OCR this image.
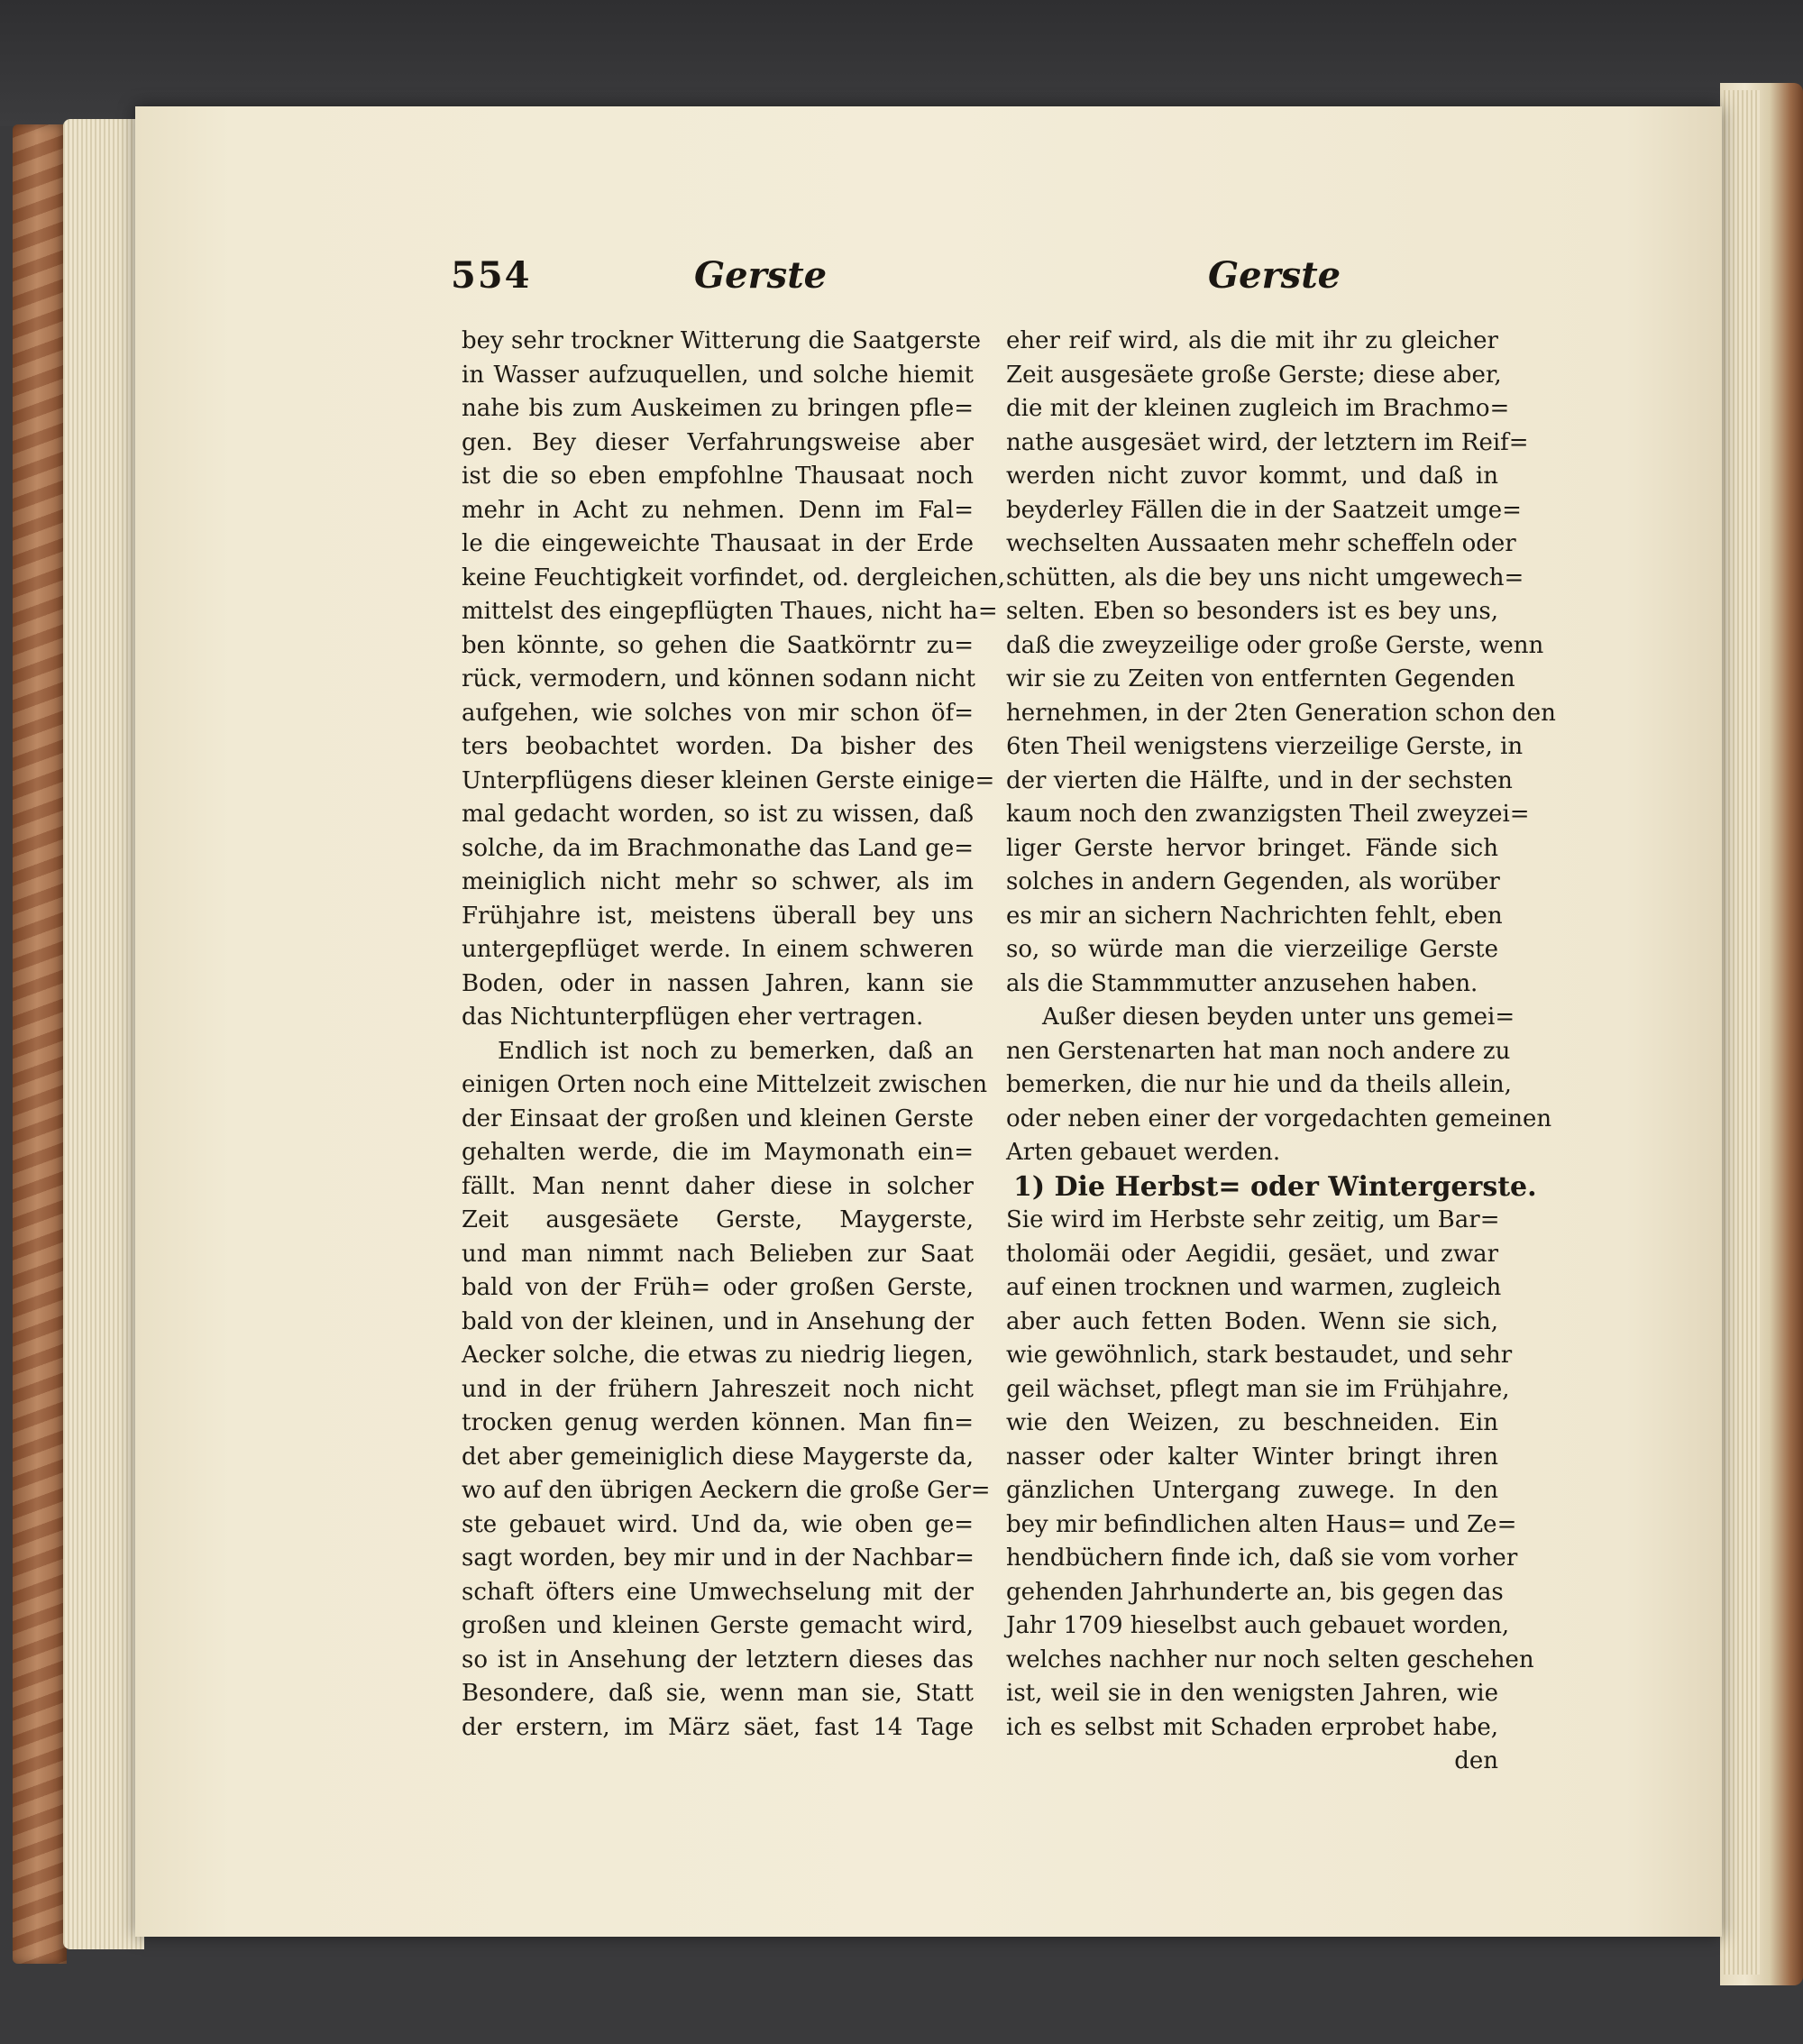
554	Gerste	Gerste
bey sehr trockner Witterung die Saatgerste
in Wasser aufzuquellen, und solche hiemit
nahe bis zum Auskeimen zu bringen pfle=
gen. Bey dieser Verfahrungsweise aber
ist die so eben empfohlne Thausaat noch
mehr in Acht zu nehmen. Denn im Fal=
le die eingeweichte Thausaat in der Erde
keine Feuchtigkeit vorfindet, od. dergleichen,
mittelst des eingepflügten Thaues, nicht ha=
ben könnte, so gehen die Saatkörntr zu=
rück, vermodern, und können sodann nicht
aufgehen, wie solches von mir schon öf=
ters beobachtet worden. Da bisher des
Unterpflügens dieser kleinen Gerste einige=
mal gedacht worden, so ist zu wissen, daß
solche, da im Brachmonathe das Land ge=
meiniglich nicht mehr so schwer, als im
Frühjahre ist, meistens überall bey uns
untergepflüget werde. In einem schweren
Boden, oder in nassen Jahren, kann sie
das Nichtunterpflügen eher vertragen.
Endlich ist noch zu bemerken, daß an
einigen Orten noch eine Mittelzeit zwischen
der Einsaat der großen und kleinen Gerste
gehalten werde, die im Maymonath ein=
fällt. Man nennt daher diese in solcher
Zeit ausgesäete Gerste, Maygerste,
und man nimmt nach Belieben zur Saat
bald von der Früh= oder großen Gerste,
bald von der kleinen, und in Ansehung der
Aecker solche, die etwas zu niedrig liegen,
und in der frühern Jahreszeit noch nicht
trocken genug werden können. Man fin=
det aber gemeiniglich diese Maygerste da,
wo auf den übrigen Aeckern die große Ger=
ste gebauet wird. Und da, wie oben ge=
sagt worden, bey mir und in der Nachbar=
schaft öfters eine Umwechselung mit der
großen und kleinen Gerste gemacht wird,
so ist in Ansehung der letztern dieses das
Besondere, daß sie, wenn man sie, Statt
der erstern, im März säet, fast 14 Tage
eher reif wird, als die mit ihr zu gleicher
Zeit ausgesäete große Gerste; diese aber,
die mit der kleinen zugleich im Brachmo=
nathe ausgesäet wird, der letztern im Reif=
werden nicht zuvor kommt, und daß in
beyderley Fällen die in der Saatzeit umge=
wechselten Aussaaten mehr scheffeln oder
schütten, als die bey uns nicht umgewech=
selten. Eben so besonders ist es bey uns,
daß die zweyzeilige oder große Gerste, wenn
wir sie zu Zeiten von entfernten Gegenden
hernehmen, in der 2ten Generation schon den
6ten Theil wenigstens vierzeilige Gerste, in
der vierten die Hälfte, und in der sechsten
kaum noch den zwanzigsten Theil zweyzei=
liger Gerste hervor bringet. Fände sich
solches in andern Gegenden, als worüber
es mir an sichern Nachrichten fehlt, eben
so, so würde man die vierzeilige Gerste
als die Stammmutter anzusehen haben.
Außer diesen beyden unter uns gemei=
nen Gerstenarten hat man noch andere zu
bemerken, die nur hie und da theils allein,
oder neben einer der vorgedachten gemeinen
Arten gebauet werden.
1) Die Herbst= oder Wintergerste.
Sie wird im Herbste sehr zeitig, um Bar=
tholomäi oder Aegidii, gesäet, und zwar
auf einen trocknen und warmen, zugleich
aber auch fetten Boden. Wenn sie sich,
wie gewöhnlich, stark bestaudet, und sehr
geil wächset, pflegt man sie im Frühjahre,
wie den Weizen, zu beschneiden. Ein
nasser oder kalter Winter bringt ihren
gänzlichen Untergang zuwege. In den
bey mir befindlichen alten Haus= und Ze=
hendbüchern finde ich, daß sie vom vorher
gehenden Jahrhunderte an, bis gegen das
Jahr 1709 hieselbst auch gebauet worden,
welches nachher nur noch selten geschehen
ist, weil sie in den wenigsten Jahren, wie
ich es selbst mit Schaden erprobet habe,
den
